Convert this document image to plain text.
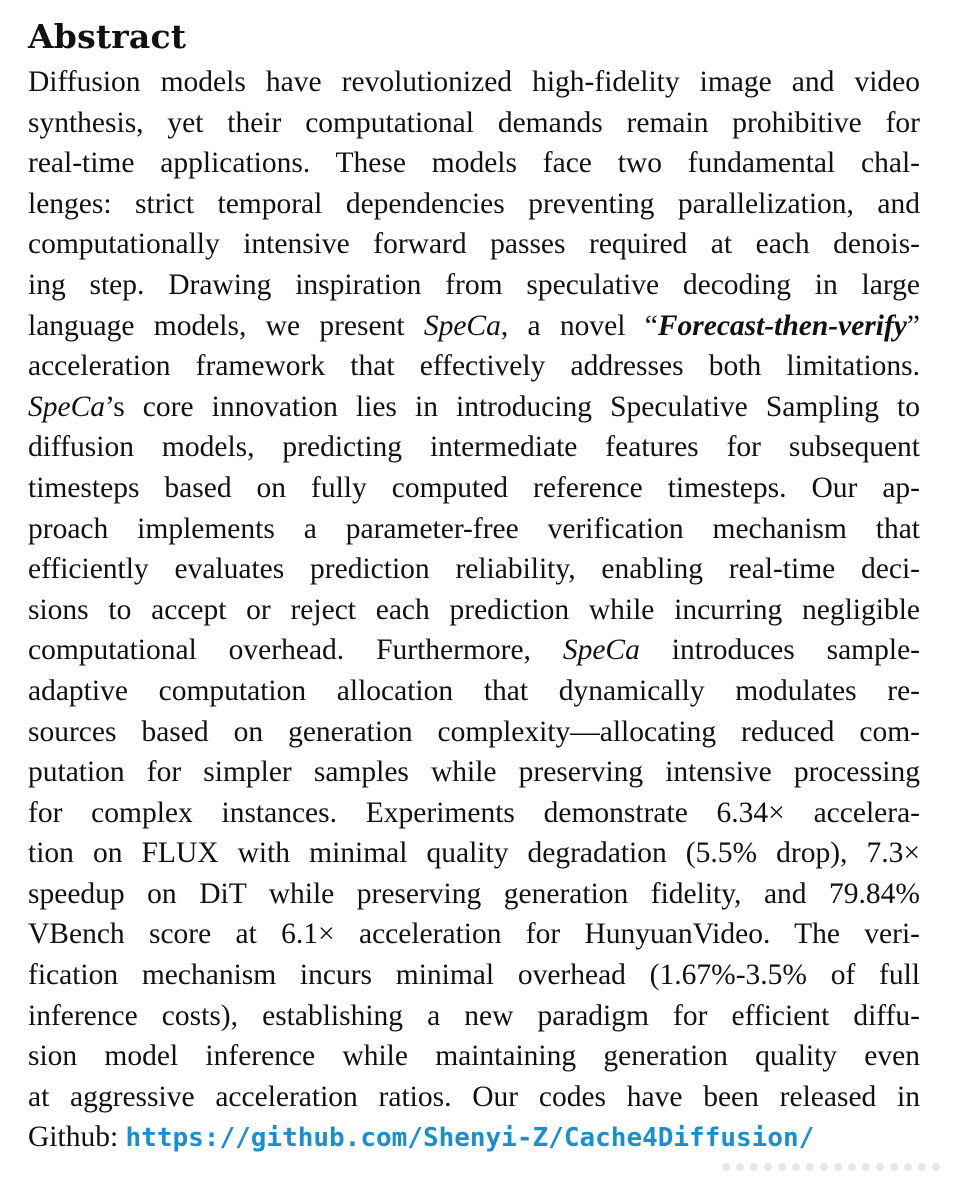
Abstract
Diffusion models have revolutionized high-fidelity image and video
synthesis, yet their computational demands remain prohibitive for
real-time applications. These models face two fundamental chal-
lenges: strict temporal dependencies preventing parallelization, and
computationally intensive forward passes required at each denois-
ing step. Drawing inspiration from speculative decoding in large
language models, we present SpeCa, a novel “Forecast-then-verify”
acceleration framework that effectively addresses both limitations.
SpeCa’s core innovation lies in introducing Speculative Sampling to
diffusion models, predicting intermediate features for subsequent
timesteps based on fully computed reference timesteps. Our ap-
proach implements a parameter-free verification mechanism that
efficiently evaluates prediction reliability, enabling real-time deci-
sions to accept or reject each prediction while incurring negligible
computational overhead. Furthermore, SpeCa introduces sample-
adaptive computation allocation that dynamically modulates re-
sources based on generation complexity—allocating reduced com-
putation for simpler samples while preserving intensive processing
for complex instances. Experiments demonstrate 6.34× accelera-
tion on FLUX with minimal quality degradation (5.5% drop), 7.3×
speedup on DiT while preserving generation fidelity, and 79.84%
VBench score at 6.1× acceleration for HunyuanVideo. The veri-
fication mechanism incurs minimal overhead (1.67%-3.5% of full
inference costs), establishing a new paradigm for efficient diffu-
sion model inference while maintaining generation quality even
at aggressive acceleration ratios. Our codes have been released in
Github: https://github.com/Shenyi-Z/Cache4Diffusion/
